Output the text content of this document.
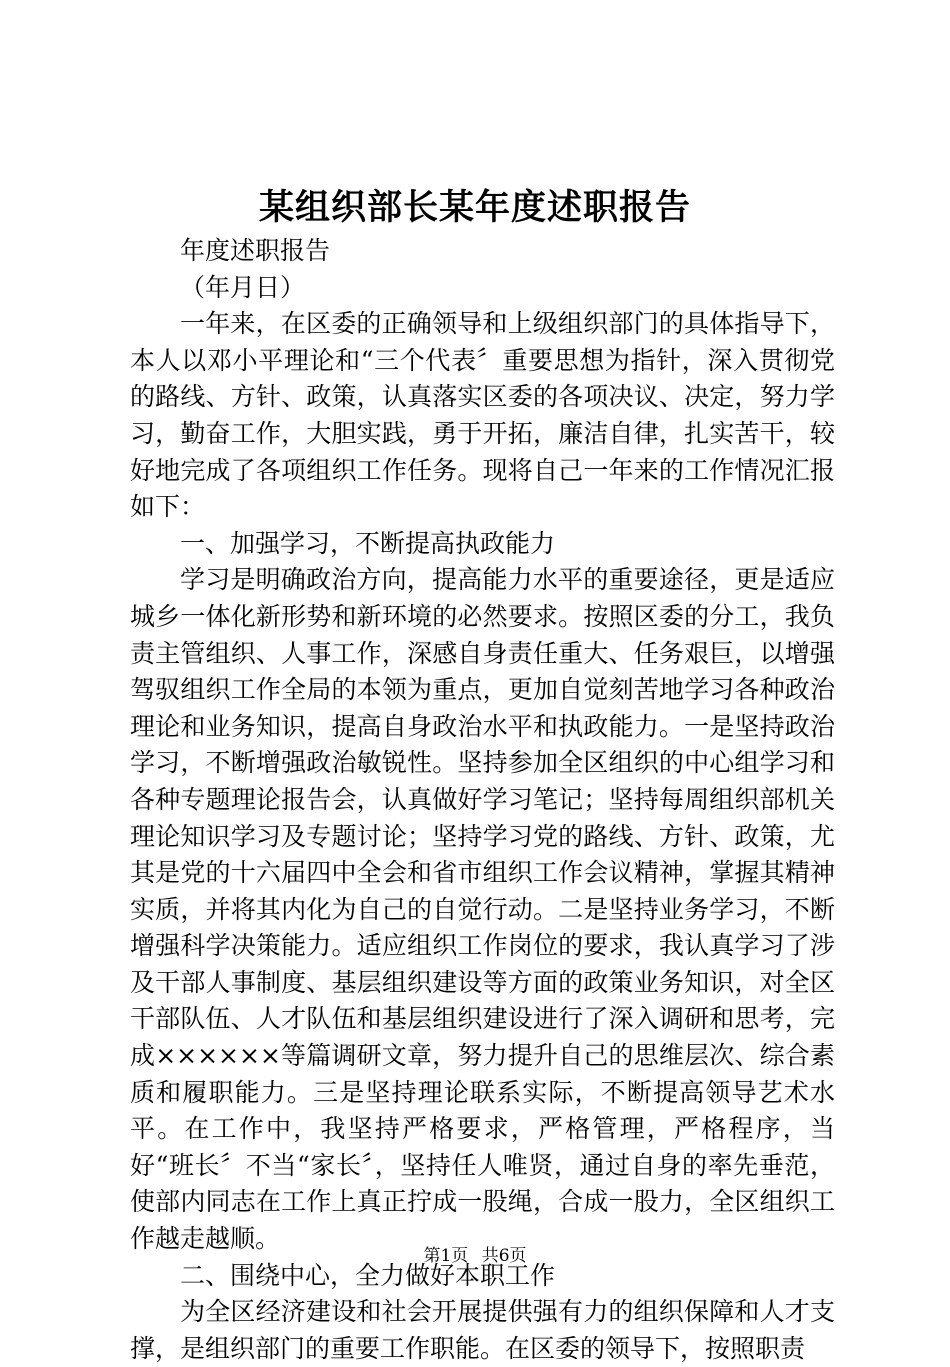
某组织部长某年度述职报告

年度述职报告

（年月日）

一年来，在区委的正确领导和上级组织部门的具体指导下，本人以邓小平理论和“三个代表〞重要思想为指针，深入贯彻党的路线、方针、政策，认真落实区委的各项决议、决定，努力学习，勤奋工作，大胆实践，勇于开拓，廉洁自律，扎实苦干，较好地完成了各项组织工作任务。现将自己一年来的工作情况汇报如下：

一、加强学习，不断提高执政能力

学习是明确政治方向，提高能力水平的重要途径，更是适应城乡一体化新形势和新环境的必然要求。按照区委的分工，我负责主管组织、人事工作，深感自身责任重大、任务艰巨，以增强驾驭组织工作全局的本领为重点，更加自觉刻苦地学习各种政治理论和业务知识，提高自身政治水平和执政能力。一是坚持政治学习，不断增强政治敏锐性。坚持参加全区组织的中心组学习和各种专题理论报告会，认真做好学习笔记；坚持每周组织部机关理论知识学习及专题讨论；坚持学习党的路线、方针、政策，尤其是党的十六届四中全会和省市组织工作会议精神，掌握其精神实质，并将其内化为自己的自觉行动。二是坚持业务学习，不断增强科学决策能力。适应组织工作岗位的要求，我认真学习了涉及干部人事制度、基层组织建设等方面的政策业务知识，对全区干部队伍、人才队伍和基层组织建设进行了深入调研和思考，完成××××××等篇调研文章，努力提升自己的思维层次、综合素质和履职能力。三是坚持理论联系实际，不断提高领导艺术水平。在工作中，我坚持严格要求，严格管理，严格程序，当好“班长〞不当“家长〞，坚持任人唯贤，通过自身的率先垂范，使部内同志在工作上真正拧成一股绳，合成一股力，全区组织工作越走越顺。

二、围绕中心，全力做好本职工作

为全区经济建设和社会开展提供强有力的组织保障和人才支撑，是组织部门的重要工作职能。在区委的领导下，按照职责

第1页 共6页
